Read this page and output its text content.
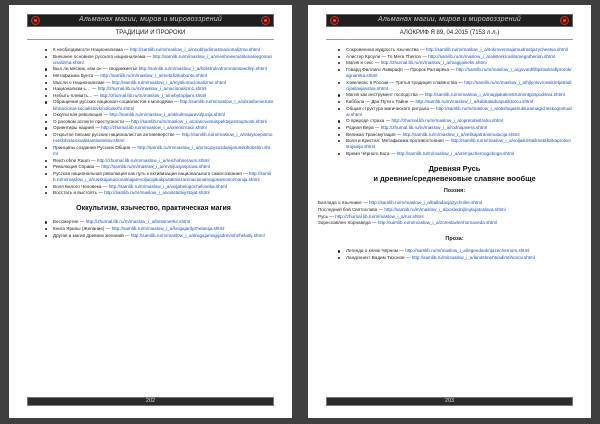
Альманах магии, миров и мировоззрений
ТРАДИЦИИ И ПРОРОКИ
К необходимости Национализма — http://samlib.ru/m/maslow_i_a/neobhodimostnacionalizma.shtml
Внешнее основное русского национализма — http://samlib.ru/m/maslow_i_a/vneshnievnutrikinasiegonacionalizma.shtml
Был ли мясник, кем он — сводникиеты! http://samlib.ru/m/maslow_i_a/kolistrukvdmmnamsaedinji.shtml
Метафизика Бунта — http://samlib.ru/m/maslow_i_a/metafizikabunta.shtml
Мысли о Национализме — http://samlib.ru/m/maslow_i_a/myslionacionalizme.shtml
Национализм ь… — http://zhurnal.lib.ru/m/maslow_i_a/nacionalizm1.shtml
Небыть-плевать… — http://zhurnal.lib.ru/m/maslow_i_a/nebytopljam.shtml
Обращение русских национал-социалистов к молодёжи — http://samlib.ru/m/maslow_i_a/obrashenierusskihnacional-socialistovkmolodezhi.shtml
Оккультная революция — http://samlib.ru/m/maslow_i_a/okkultnajarevoljucija.shtml
О расовом аспекте преступности — http://samlib.ru/m/maslow_i_a/orasovomaspekteprestupnosti.shtml
Ориентиры нацией — http://zhurnal.lib.ru/m/maslow_i_a/orientirnacii.shtml
Открытое письмо русских националистов антиневерстве — http://samlib.ru/m/maslow_i_a/otkrytoepismorusskihnacionalistantisemitov.shtml
Принципы создания Русских Общин — http://samlib.ru/m/maslow_i_a/principysozdanijarusskihobshin.shtml
Reich ohne Raum — http://zhurnal.lib.ru/m/maslow_i_a/reichohneraum.shtml
Революция Справа — http://samlib.ru/m/maslow_i_a/revoljucijasprava.shtml
Русская национальная революция как путь к активизации национального самосознания — http://samlib.ru/m/maslow_i_a/russkajanacionalnajarevoljucijakakputaktivizaciinacionalnogosamosoznanija.shtml
Воля Белого Человека — http://samlib.ru/m/maslow_i_a/voljabelogocheloveka.shtml
Восстать и выстоять — http://samlib.ru/m/maslow_i_a/vosstativystojat.shtml
Оккультизм, язычество, практическая магия
Бессмертие — http://zhurnal.lib.ru/m/maslow_i_a/bessmertie.shtml
Книга Ярилы (Желание) — http://samlib.ru/m/maslow_i_a/knigajarilyzhelanija.shtml
Другая и магия древних желаний — http://samlib.ru/m/maslow_i_a/drugajamagijadrevnihzhelanij.shtml
202
Альманах магии, миров и мировоззрений
АЛОКРИФ Я 89, 04.2015 (7153 л.л.)
Сокровенная мудрость язычества — http://samlib.ru/m/maslow_i_a/sokrovennajamudrostjazychestva.shtml
Алистер Кроули — То Мега Therion — http://samlib.ru/m/maslow_i_a/alisterkroulitomegatherion.shtml
Магия и секс — http://zhurnal.lib.ru/m/maslow_i_a/magijaiseks.shtml
Говард Филлипс Лавкрафт — Пророк Рагнарёка — http://samlib.ru/m/maslow_i_a/govardfillipslavkraftprorokragnareka.shtml
Хэвелиокс в России — Третья традиция славянства — http://samlib.ru/m/maslow_i_a/hjlyotvvrossiitretjatradicijaslavjanstva.shtml
Магия как инструмент господства — http://samlib.ru/m/maslow_i_a/magijakakinstrumentgospodstva.shtml
Каббала — Два Пути к Тайне — http://samlib.ru/m/maslow_i_a/kabbaladvaputiktorcu.shtml
Общая структура магического ритуала — http://samlib.ru/m/maslow_i_a/obshajastrukturamagicheskogoritualai.shtml
О природе страха — http://zhurnal.lib.ru/m/maslow_i_a/oprirodestraha.shtml
Родная Вера — http://zhurnal.lib.ru/m/maslow_i_a/rodnajavera.shtml
Великая Трансмутация — http://samlib.ru/m/maslow_i_a/velikajatransmutacija.shtml
Воля и Кристал: Метафизика противостояния — http://samlib.ru/m/maslow_i_a/voljaikristallmetafizikaprotivostojanija.shtml
Время Чёрного Бога — http://samlib.ru/m/maslow_i_a/vremjachernogoboga.shtml
Древняя Русь
и древние/средневековые славяне вообще
Поэзия:
Баллада о язычнике — http://samlib.ru/m/maslow_i_a/balladaojazychnike.shtml
Последний бой Святослава — http://samlib.ru/m/maslow_i_a/poslednijbojsvjatoslava.shtml
Русь — http://zhurnal.lib.ru/m/maslow_i_a/rus.shtml
Зореславлен Хорнаведа — http://samlib.ru/m/maslow_i_a/zoreslavlenhornaveda.shtml
Проза:
Легенда о князе Чёрном — http://samlib.ru/m/maslow_i_a/legendaoknjazechernom.shtml
Ландскнехт Вадим Тихонов — http://samlib.ru/m/maslow_i_a/landsknehtvadimtihonov.shtml
203
